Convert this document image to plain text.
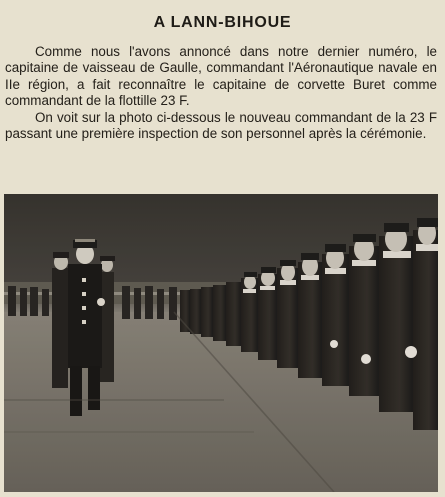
A LANN-BIHOUE

Comme nous l'avons annoncé dans notre dernier numéro, le capitaine de vaisseau de Gaulle, commandant l'Aéronautique navale en IIe région, a fait reconnaître le capitaine de corvette Buret comme commandant de la flottille 23 F.

On voit sur la photo ci-dessous le nouveau commandant de la 23 F passant une première inspection de son personnel après la cérémonie.
